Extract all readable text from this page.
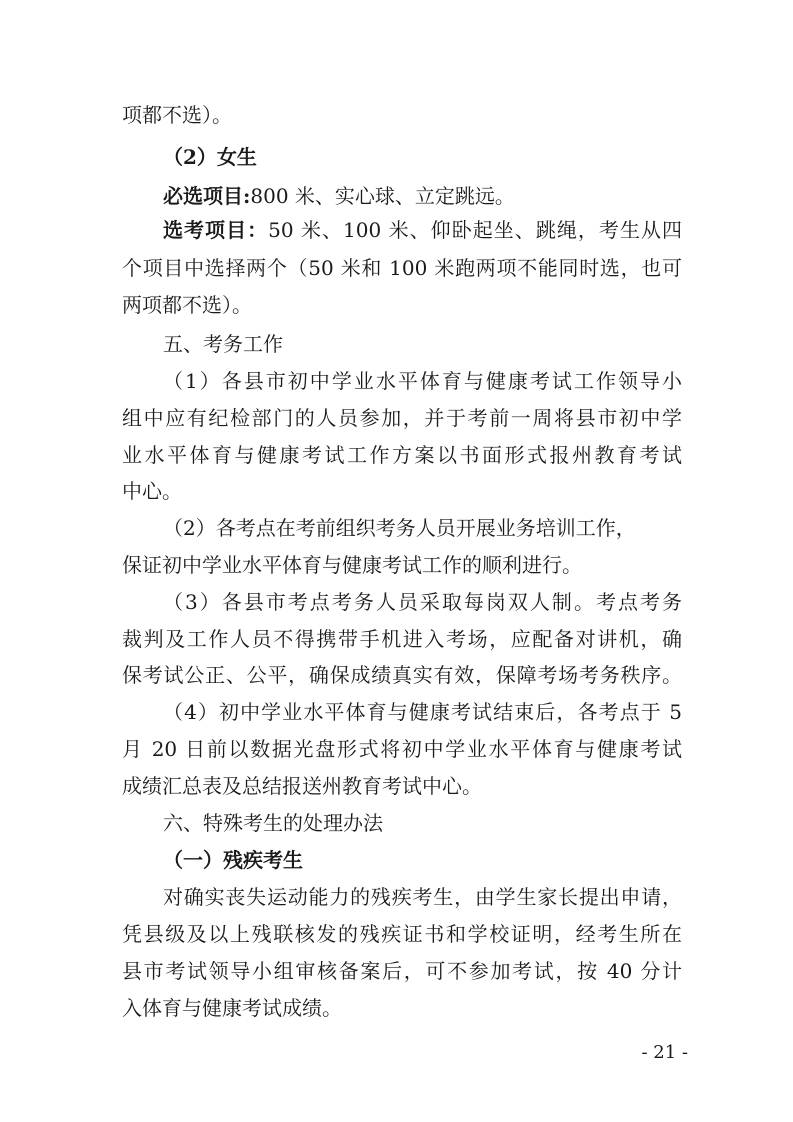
项都不选）。
（2）女生
必选项目:800 米、实心球、立定跳远。
选考项目：50 米、100 米、仰卧起坐、跳绳，考生从四
个项目中选择两个（50 米和 100 米跑两项不能同时选，也可
两项都不选）。
五、考务工作
（1）各县市初中学业水平体育与健康考试工作领导小
组中应有纪检部门的人员参加，并于考前一周将县市初中学
业水平体育与健康考试工作方案以书面形式报州教育考试
中心。
（2）各考点在考前组织考务人员开展业务培训工作，
保证初中学业水平体育与健康考试工作的顺利进行。
（3）各县市考点考务人员采取每岗双人制。考点考务
裁判及工作人员不得携带手机进入考场，应配备对讲机，确
保考试公正、公平，确保成绩真实有效，保障考场考务秩序。
（4）初中学业水平体育与健康考试结束后，各考点于 5
月 20 日前以数据光盘形式将初中学业水平体育与健康考试
成绩汇总表及总结报送州教育考试中心。
六、特殊考生的处理办法
（一）残疾考生
对确实丧失运动能力的残疾考生，由学生家长提出申请，
凭县级及以上残联核发的残疾证书和学校证明，经考生所在
县市考试领导小组审核备案后，可不参加考试，按 40 分计
入体育与健康考试成绩。
- 21 -
